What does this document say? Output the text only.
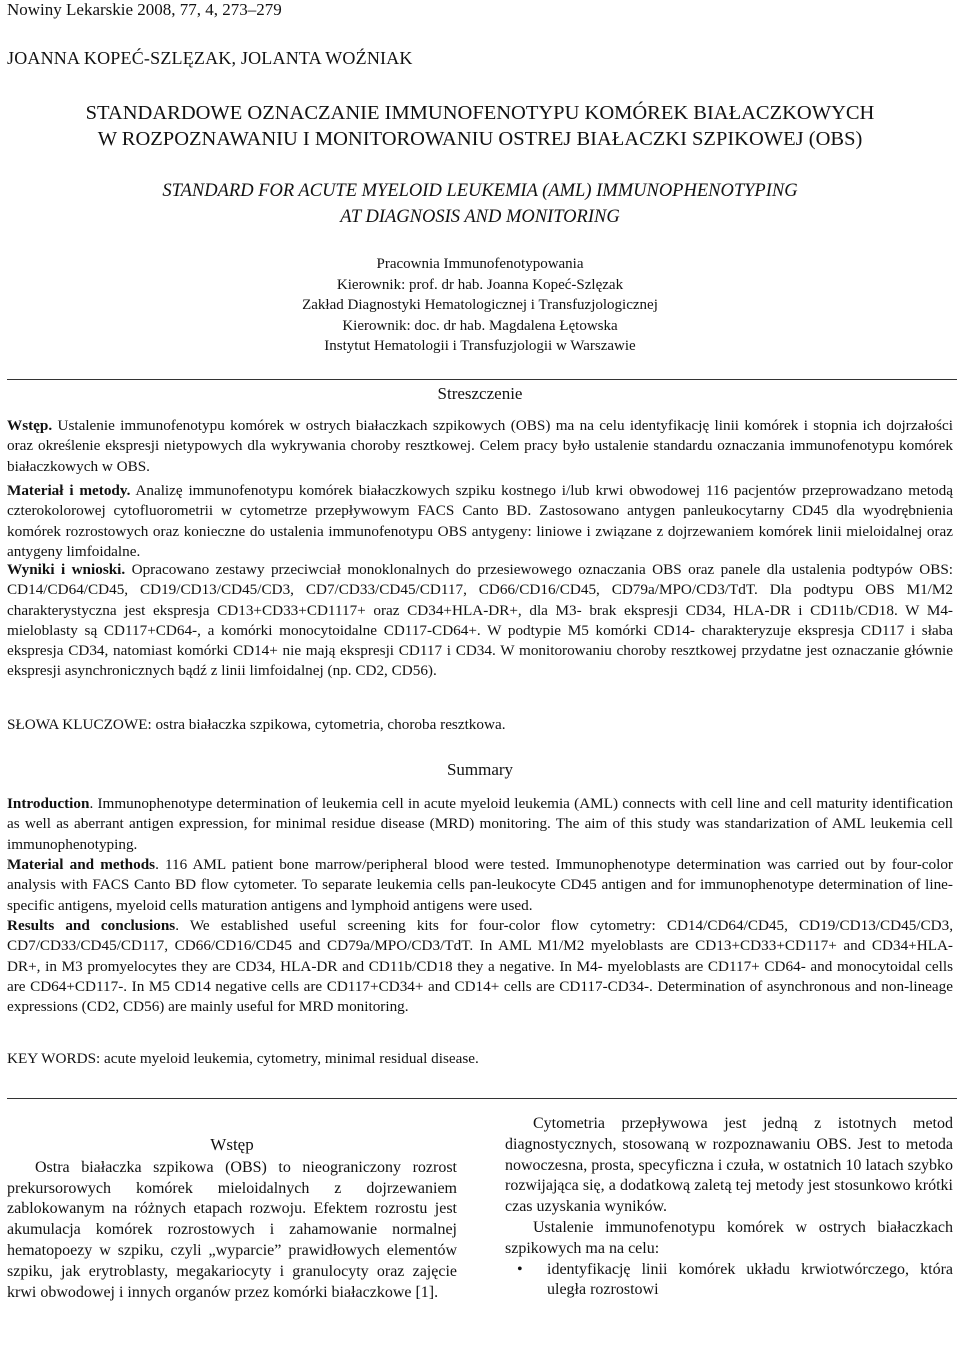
Nowiny Lekarskie 2008, 77, 4, 273–279
JOANNA KOPEĆ-SZLĘZAK, JOLANTA WOŹNIAK
STANDARDOWE OZNACZANIE IMMUNOFENOTYPU KOMÓREK BIAŁACZKOWYCH
W ROZPOZNAWANIU I MONITOROWANIU OSTREJ BIAŁACZKI SZPIKOWEJ (OBS)
STANDARD FOR ACUTE MYELOID LEUKEMIA (AML) IMMUNOPHENOTYPING
AT DIAGNOSIS AND MONITORING
Pracownia Immunofenotypowania
Kierownik: prof. dr hab. Joanna Kopeć-Szlęzak
Zakład Diagnostyki Hematologicznej i Transfuzjologicznej
Kierownik: doc. dr hab. Magdalena Łętowska
Instytut Hematologii i Transfuzjologii w Warszawie
Streszczenie
Wstęp. Ustalenie immunofenotypu komórek w ostrych białaczkach szpikowych (OBS) ma na celu identyfikację linii komórek i stopnia ich dojrzałości oraz określenie ekspresji nietypowych dla wykrywania choroby resztkowej. Celem pracy było ustalenie standardu oznaczania immunofenotypu komórek białaczkowych w OBS.
Materiał i metody. Analizę immunofenotypu komórek białaczkowych szpiku kostnego i/lub krwi obwodowej 116 pacjentów przeprowadzano metodą czterokolorowej cytofluorometrii w cytometrze przepływowym FACS Canto BD. Zastosowano antygen panleukocytarny CD45 dla wyodrębnienia komórek rozrostowych oraz konieczne do ustalenia immunofenotypu OBS antygeny: liniowe i związane z dojrzewaniem komórek linii mieloidalnej oraz antygeny limfoidalne.
Wyniki i wnioski. Opracowano zestawy przeciwciał monoklonalnych do przesiewowego oznaczania OBS oraz panele dla ustalenia podtypów OBS: CD14/CD64/CD45, CD19/CD13/CD45/CD3, CD7/CD33/CD45/CD117, CD66/CD16/CD45, CD79a/MPO/CD3/TdT. Dla podtypu OBS M1/M2 charakterystyczna jest ekspresja CD13+CD33+CD1117+ oraz CD34+HLA-DR+, dla M3- brak ekspresji CD34, HLA-DR i CD11b/CD18. W M4- mieloblasty są CD117+CD64-, a komórki monocytoidalne CD117-CD64+. W podtypie M5 komórki CD14- charakteryzuje ekspresja CD117 i słaba ekspresja CD34, natomiast komórki CD14+ nie mają ekspresji CD117 i CD34. W monitorowaniu choroby resztkowej przydatne jest oznaczanie głównie ekspresji asynchronicznych bądź z linii limfoidalnej (np. CD2, CD56).
SŁOWA KLUCZOWE: ostra białaczka szpikowa, cytometria, choroba resztkowa.
Summary
Introduction. Immunophenotype determination of leukemia cell in acute myeloid leukemia (AML) connects with cell line and cell maturity identification as well as aberrant antigen expression, for minimal residue disease (MRD) monitoring. The aim of this study was standarization of AML leukemia cell immunophenotyping.
Material and methods. 116 AML patient bone marrow/peripheral blood were tested. Immunophenotype determination was carried out by four-color analysis with FACS Canto BD flow cytometer. To separate leukemia cells pan-leukocyte CD45 antigen and for immunophenotype determination of line-specific antigens, myeloid cells maturation antigens and lymphoid antigens were used.
Results and conclusions. We established useful screening kits for four-color flow cytometry: CD14/CD64/CD45, CD19/CD13/CD45/CD3, CD7/CD33/CD45/CD117, CD66/CD16/CD45 and CD79a/MPO/CD3/TdT. In AML M1/M2 myeloblasts are CD13+CD33+CD117+ and CD34+HLA-DR+, in M3 promyelocytes they are CD34, HLA-DR and CD11b/CD18 they a negative. In M4- myeloblasts are CD117+ CD64- and monocytoidal cells are CD64+CD117-. In M5 CD14 negative cells are CD117+CD34+ and CD14+ cells are CD117-CD34-. Determination of asynchronous and non-lineage expressions (CD2, CD56) are mainly useful for MRD monitoring.
KEY WORDS: acute myeloid leukemia, cytometry, minimal residual disease.
Wstęp
Ostra białaczka szpikowa (OBS) to nieograniczony rozrost prekursorowych komórek mieloidalnych z dojrzewaniem zablokowanym na różnych etapach rozwoju. Efektem rozrostu jest akumulacja komórek rozrostowych i zahamowanie normalnej hematopoezy w szpiku, czyli „wyparcie” prawidłowych elementów szpiku, jak erytroblasty, megakariocyty i granulocyty oraz zajęcie krwi obwodowej i innych organów przez komórki białaczkowe [1].
Cytometria przepływowa jest jedną z istotnych metod diagnostycznych, stosowaną w rozpoznawaniu OBS. Jest to metoda nowoczesna, prosta, specyficzna i czuła, w ostatnich 10 latach szybko rozwijająca się, a dodatkową zaletą tej metody jest stosunkowo krótki czas uzyskania wyników.
Ustalenie immunofenotypu komórek w ostrych białaczkach szpikowych ma na celu:
•	identyfikację linii komórek układu krwiotwórczego, która uległa rozrostowi
